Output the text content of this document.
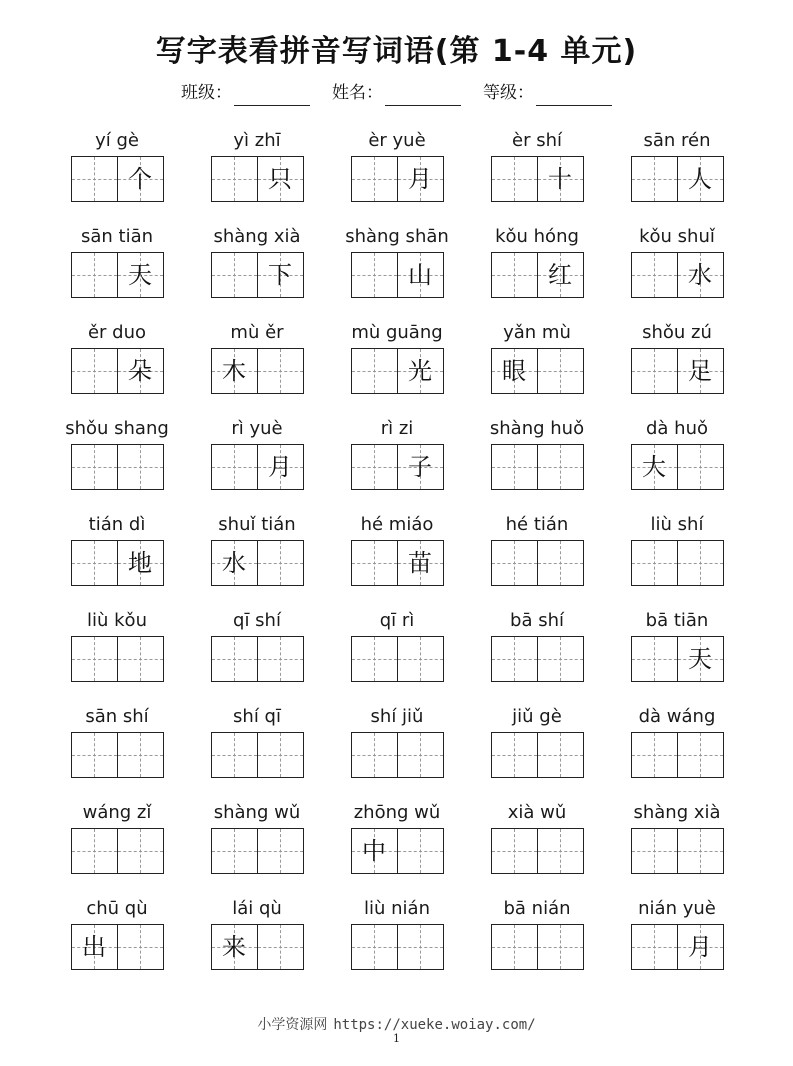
写字表看拼音写词语(第 1-4 单元)
班级：	姓名：	等级：
yí gè
个
yì zhī
只
èr yuè
月
èr shí
十
sān rén
人
sān tiān
天
shàng xià
下
shàng shān
山
kǒu hóng
红
kǒu shuǐ
水
ěr duo
朵
mù ěr
木
mù guāng
光
yǎn mù
眼
shǒu zú
足
shǒu shang	rì yuè
月
rì zi
子
shàng huǒ	dà huǒ
大
tián dì
地
shuǐ tián
水
hé miáo
苗
hé tián	liù shí
liù kǒu	qī shí	qī rì	bā shí	bā tiān
天
sān shí	shí qī	shí jiǔ	jiǔ gè	dà wáng
wáng zǐ	shàng wǔ	zhōng wǔ
中
xià wǔ	shàng xià
chū qù
出
lái qù
来
liù nián	bā nián	nián yuè
月
小学资源网 https://xueke.woiay.com/
1
